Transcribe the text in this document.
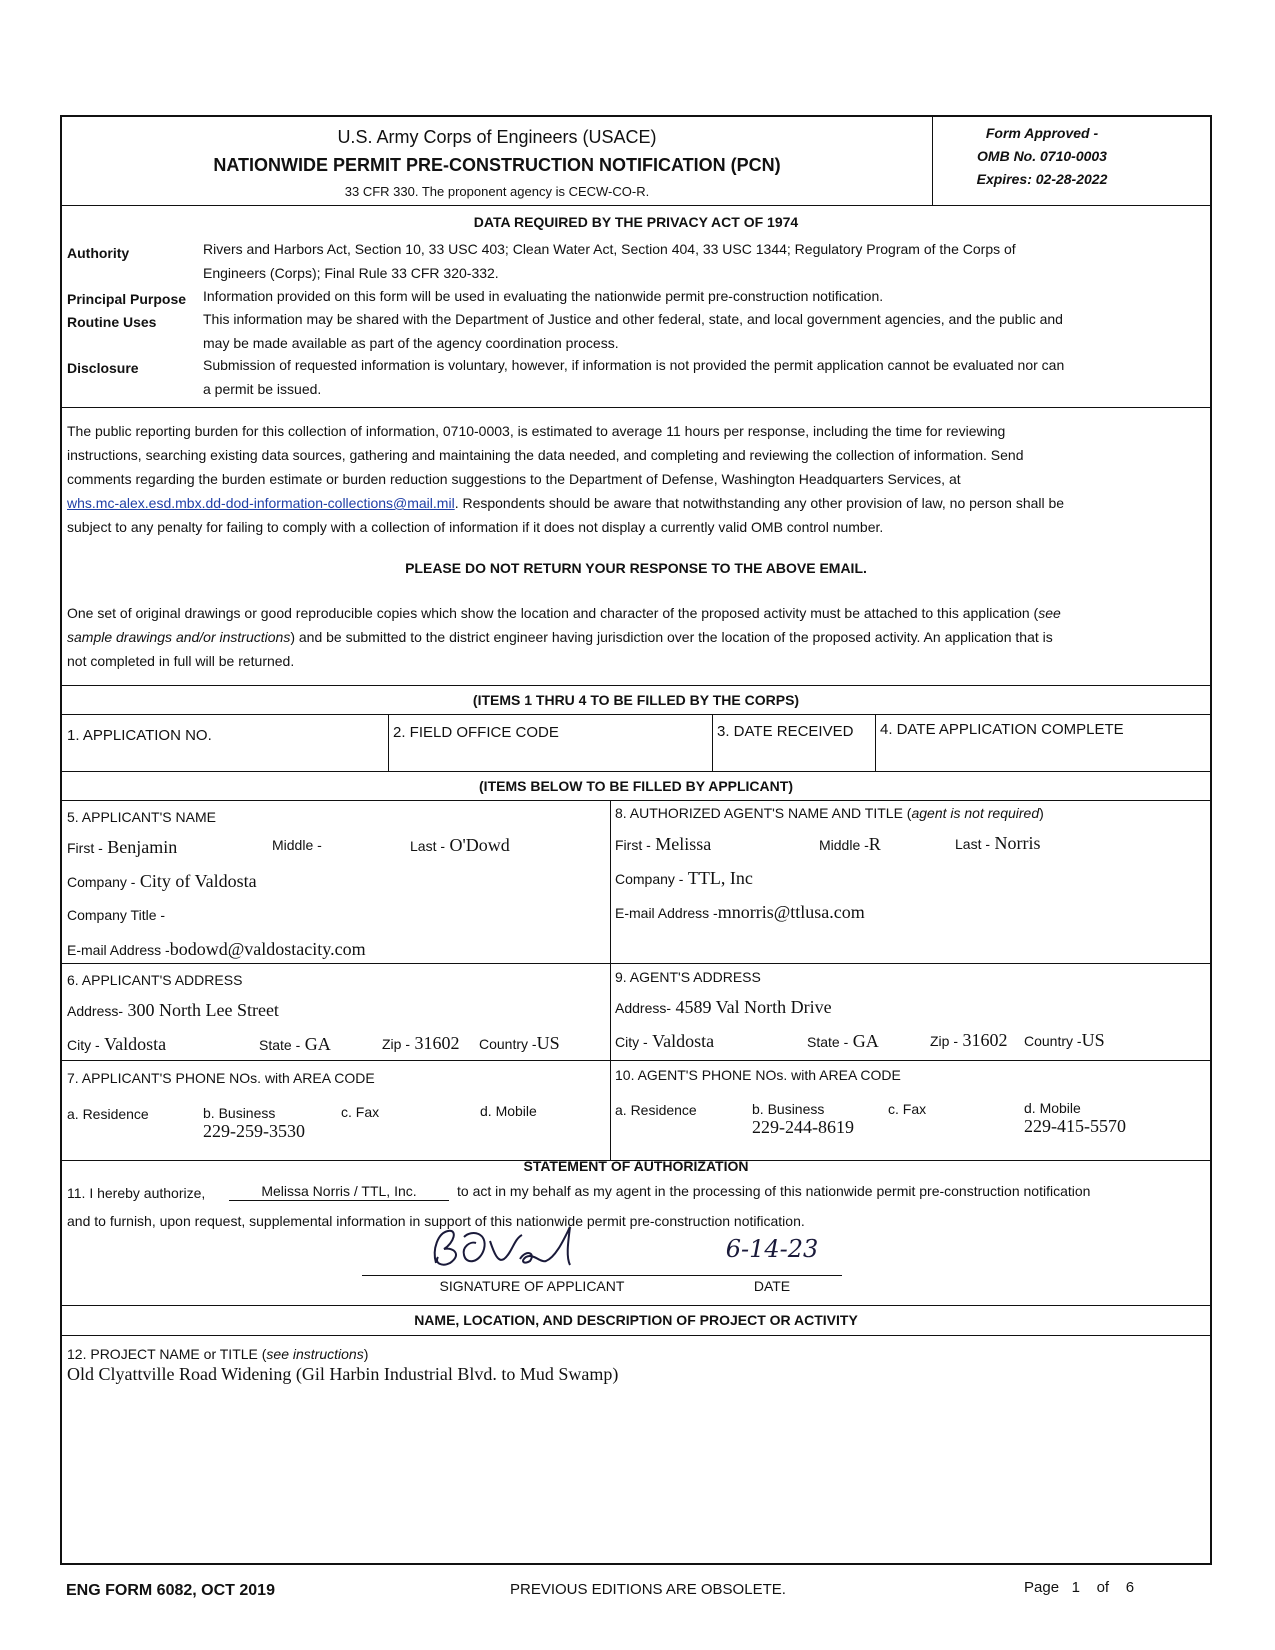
U.S. Army Corps of Engineers (USACE)
NATIONWIDE PERMIT PRE-CONSTRUCTION NOTIFICATION (PCN)
33 CFR 330. The proponent agency is CECW-CO-R.
Form Approved -
OMB No. 0710-0003
Expires: 02-28-2022
DATA REQUIRED BY THE PRIVACY ACT OF 1974
Authority	Rivers and Harbors Act, Section 10, 33 USC 403; Clean Water Act, Section 404, 33 USC 1344; Regulatory Program of the Corps of
Engineers (Corps); Final Rule 33 CFR 320-332.
Principal Purpose Information provided on this form will be used in evaluating the nationwide permit pre-construction notification.
Routine Uses	This information may be shared with the Department of Justice and other federal, state, and local government agencies, and the public and
may be made available as part of the agency coordination process.
Disclosure	Submission of requested information is voluntary, however, if information is not provided the permit application cannot be evaluated nor can
a permit be issued.
The public reporting burden for this collection of information, 0710-0003, is estimated to average 11 hours per response, including the time for reviewing
instructions, searching existing data sources, gathering and maintaining the data needed, and completing and reviewing the collection of information. Send
comments regarding the burden estimate or burden reduction suggestions to the Department of Defense, Washington Headquarters Services, at
whs.mc-alex.esd.mbx.dd-dod-information-collections@mail.mil. Respondents should be aware that notwithstanding any other provision of law, no person shall be
subject to any penalty for failing to comply with a collection of information if it does not display a currently valid OMB control number.
PLEASE DO NOT RETURN YOUR RESPONSE TO THE ABOVE EMAIL.
One set of original drawings or good reproducible copies which show the location and character of the proposed activity must be attached to this application (see
sample drawings and/or instructions) and be submitted to the district engineer having jurisdiction over the location of the proposed activity. An application that is
not completed in full will be returned.
(ITEMS 1 THRU 4 TO BE FILLED BY THE CORPS)
1. APPLICATION NO.	2. FIELD OFFICE CODE	3. DATE RECEIVED 4. DATE APPLICATION COMPLETE
(ITEMS BELOW TO BE FILLED BY APPLICANT)
5. APPLICANT'S NAME
First - Benjamin	Middle -	Last - O'Dowd
Company - City of Valdosta
Company Title -
E-mail Address -bodowd@valdostacity.com
8. AUTHORIZED AGENT'S NAME AND TITLE (agent is not required)
First - Melissa	Middle -R	Last - Norris
Company - TTL, Inc
E-mail Address -mnorris@ttlusa.com
6. APPLICANT'S ADDRESS
Address- 300 North Lee Street
City - Valdosta	State - GA	Zip - 31602 Country -US
9. AGENT'S ADDRESS
Address- 4589 Val North Drive
City - Valdosta	State - GA	Zip - 31602 Country -US
7. APPLICANT'S PHONE NOs. with AREA CODE
a. Residence	b. Business
229-259-3530
c. Fax	d. Mobile
10. AGENT'S PHONE NOs. with AREA CODE
a. Residence	b. Business
229-244-8619
c. Fax	d. Mobile
229-415-5570
STATEMENT OF AUTHORIZATION
11. I hereby authorize,	Melissa Norris / TTL, Inc.	to act in my behalf as my agent in the processing of this nationwide permit pre-construction notification
and to furnish, upon request, supplemental information in support of this nationwide permit pre-construction notification.
SIGNATURE OF APPLICANT
6-14-23
DATE
NAME, LOCATION, AND DESCRIPTION OF PROJECT OR ACTIVITY
12. PROJECT NAME or TITLE (see instructions)
Old Clyattville Road Widening (Gil Harbin Industrial Blvd. to Mud Swamp)
ENG FORM 6082, OCT 2019	PREVIOUS EDITIONS ARE OBSOLETE.	Page 1 of 6
